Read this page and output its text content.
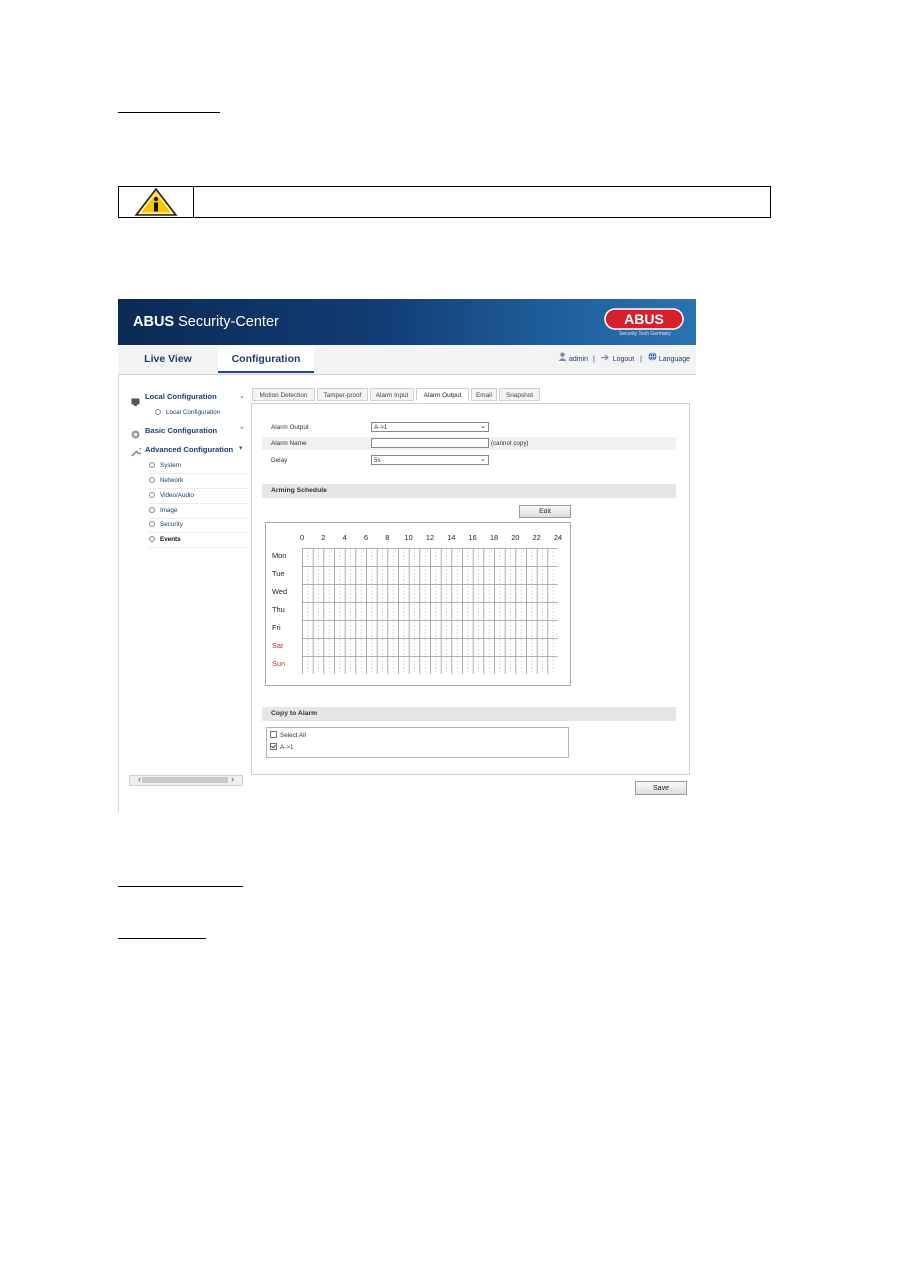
ABUS Security-Center	ABUS
Security Tech Germany
Live View	Configuration	admin |	Logout | Language
Local Configuration	⌄
Local Configuration
Basic Configuration	⌃
Advanced Configuration ▾
System
Network
Video/Audio
Image
Security
Events
‹	›
Motion Detection	Tamper-proof	Alarm Input	Alarm Output	Email	Snapshot
Alarm Output	A->1	⌄
Alarm Name	(cannot copy)
Delay	5s	⌄
Arming Schedule
Edit
0 2 4 6 8 10 12 14 16 18 20 22 24
Mon
Tue
Wed
Thu
Fri
Sat
Sun
Copy to Alarm
Select All
A->1
Save
